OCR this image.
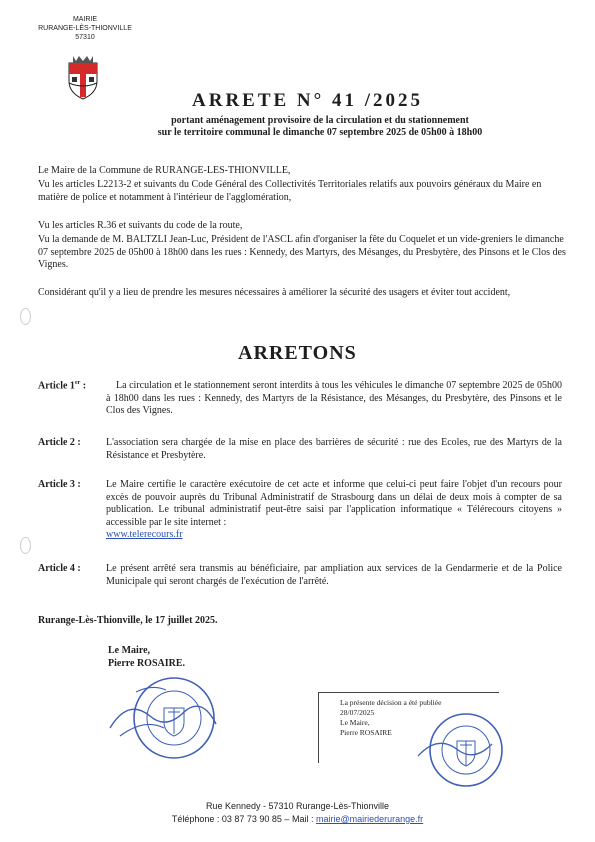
MAIRIE
RURANGE-LÈS-THIONVILLE
57310
ARRETE N° 41 /2025
portant aménagement provisoire de la circulation et du stationnement
sur le territoire communal le dimanche 07 septembre 2025 de 05h00 à 18h00
Le Maire de la Commune de RURANGE-LES-THIONVILLE,
Vu les articles L2213-2 et suivants du Code Général des Collectivités Territoriales relatifs aux pouvoirs généraux du Maire en matière de police et notamment à l'intérieur de l'agglomération,
Vu les articles R.36 et suivants du code de la route,
Vu la demande de M. BALTZLI Jean-Luc, Président de l'ASCL afin d'organiser la fête du Coquelet et un vide-greniers le dimanche 07 septembre 2025 de 05h00 à 18h00 dans les rues : Kennedy, des Martyrs, des Mésanges, du Presbytère, des Pinsons et le Clos des Vignes.
Considérant qu'il y a lieu de prendre les mesures nécessaires à améliorer la sécurité des usagers et éviter tout accident,
ARRETONS
Article 1er :	La circulation et le stationnement seront interdits à tous les véhicules le dimanche 07 septembre 2025 de 05h00 à 18h00 dans les rues : Kennedy, des Martyrs de la Résistance, des Mésanges, du Presbytère, des Pinsons et le Clos des Vignes.
Article 2 :	L'association sera chargée de la mise en place des barrières de sécurité : rue des Ecoles, rue des Martyrs de la Résistance et Presbytère.
Article 3 :	Le Maire certifie le caractère exécutoire de cet acte et informe que celui-ci peut faire l'objet d'un recours pour excès de pouvoir auprès du Tribunal Administratif de Strasbourg dans un délai de deux mois à compter de sa publication. Le tribunal administratif peut-être saisi par l'application informatique « Télérecours citoyens » accessible par le site internet :
www.telerecours.fr
Article 4 :	Le présent arrêté sera transmis au bénéficiaire, par ampliation aux services de la Gendarmerie et de la Police Municipale qui seront chargés de l'exécution de l'arrêté.
Rurange-Lès-Thionville, le 17 juillet 2025.
Le Maire,
Pierre ROSAIRE.
La présente décision a été publiée
28/07/2025
Le Maire,
Pierre ROSAIRE
Rue Kennedy - 57310 Rurange-Lès-Thionville
Téléphone : 03 87 73 90 85 – Mail : mairie@mairiederurange.fr
